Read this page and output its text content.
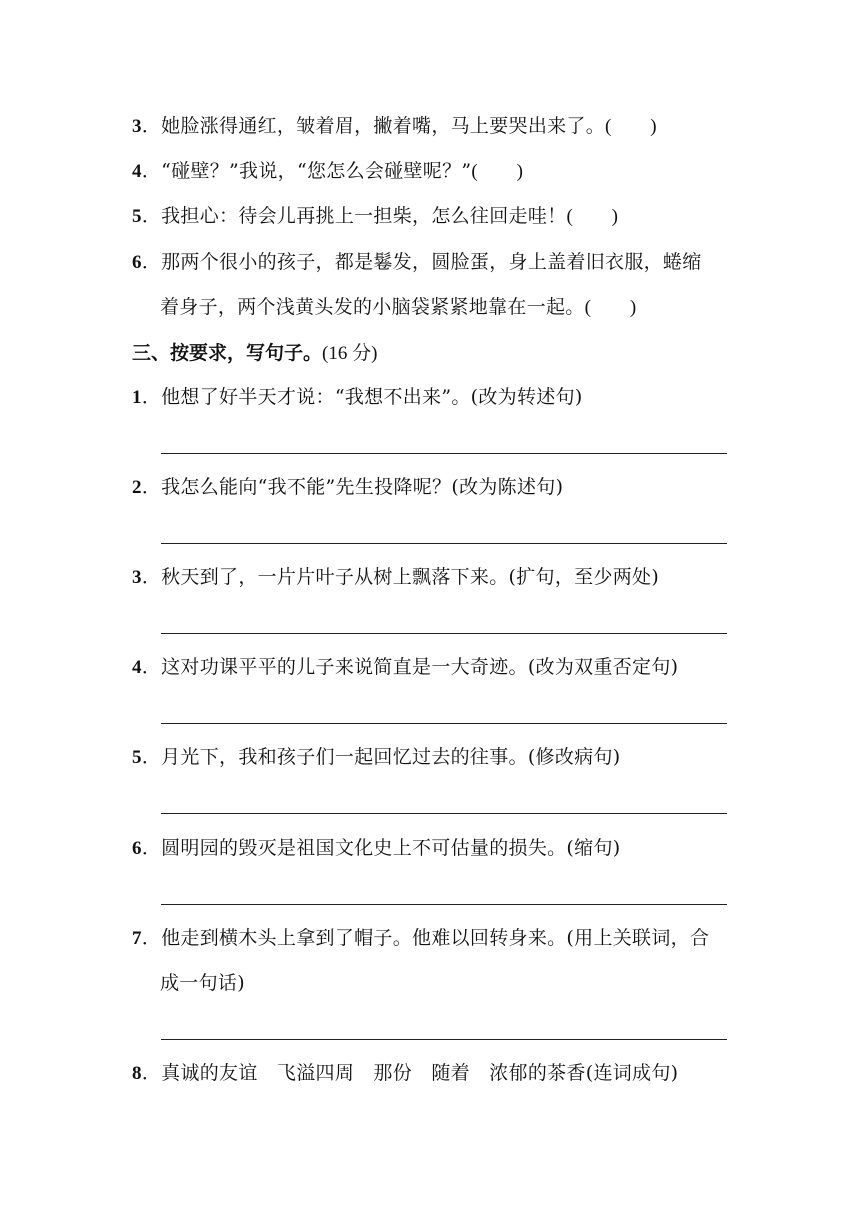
3．她脸涨得通红，皱着眉，撇着嘴，马上要哭出来了。(　　)
4．“碰壁？”我说，“您怎么会碰壁呢？”(　　)
5．我担心：待会儿再挑上一担柴，怎么往回走哇！(　　)
6．那两个很小的孩子，都是鬈发，圆脸蛋，身上盖着旧衣服，蜷缩
着身子，两个浅黄头发的小脑袋紧紧地靠在一起。(　　)
三、按要求，写句子。(16 分)
1．他想了好半天才说：“我想不出来”。(改为转述句)
2．我怎么能向“我不能”先生投降呢？(改为陈述句)
3．秋天到了，一片片叶子从树上飘落下来。(扩句，至少两处)
4．这对功课平平的儿子来说简直是一大奇迹。(改为双重否定句)
5．月光下，我和孩子们一起回忆过去的往事。(修改病句)
6．圆明园的毁灭是祖国文化史上不可估量的损失。(缩句)
7．他走到横木头上拿到了帽子。他难以回转身来。(用上关联词，合
成一句话)
8．真诚的友谊　飞溢四周　那份　随着　浓郁的茶香(连词成句)
